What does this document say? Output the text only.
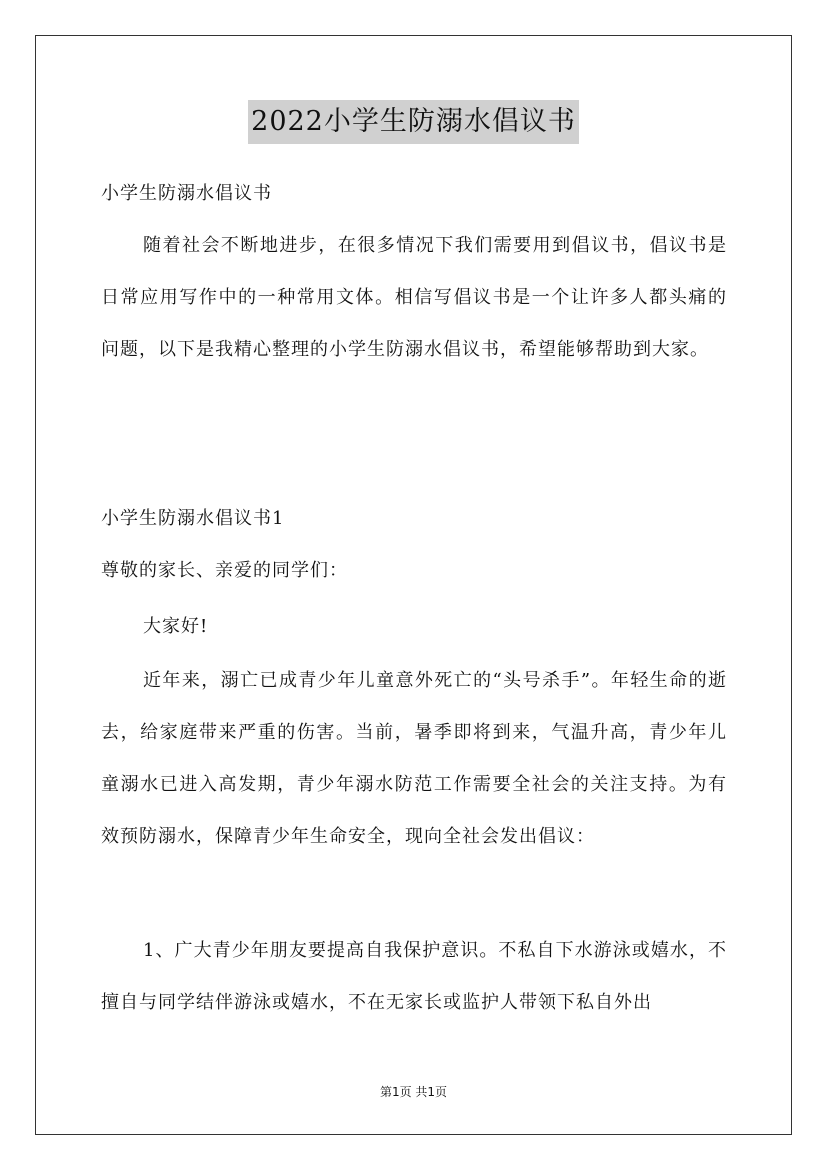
2022小学生防溺水倡议书

小学生防溺水倡议书

随着社会不断地进步，在很多情况下我们需要用到倡议书，倡议书是日常应用写作中的一种常用文体。相信写倡议书是一个让许多人都头痛的问题，以下是我精心整理的小学生防溺水倡议书，希望能够帮助到大家。

小学生防溺水倡议书1

尊敬的家长、亲爱的同学们：

大家好!

近年来，溺亡已成青少年儿童意外死亡的“头号杀手”。年轻生命的逝去，给家庭带来严重的伤害。当前，暑季即将到来，气温升高，青少年儿童溺水已进入高发期，青少年溺水防范工作需要全社会的关注支持。为有效预防溺水，保障青少年生命安全，现向全社会发出倡议：

1、广大青少年朋友要提高自我保护意识。不私自下水游泳或嬉水，不擅自与同学结伴游泳或嬉水，不在无家长或监护人带领下私自外出

第1页 共1页
